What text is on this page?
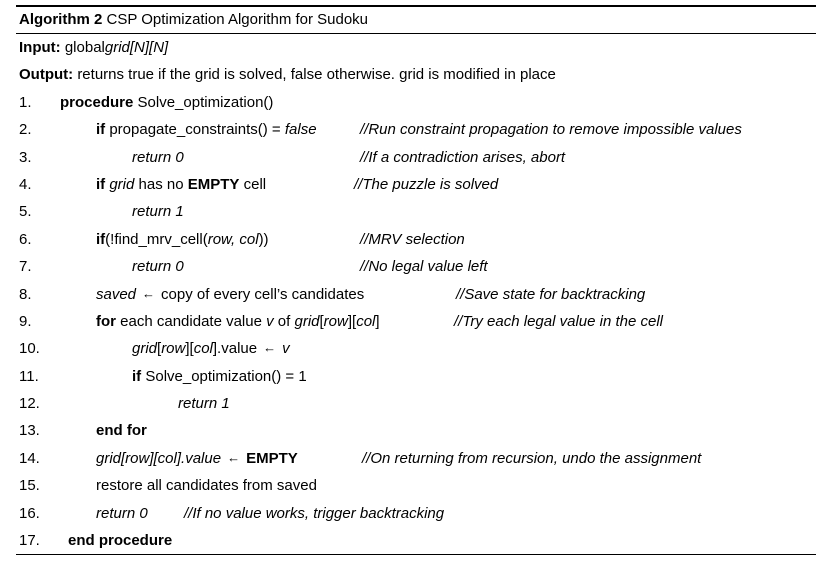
Algorithm 2 CSP Optimization Algorithm for Sudoku
Input: globalgrid[N][N]
Output: returns true if the grid is solved, false otherwise. grid is modified in place
1. procedure Solve_optimization()
2.	if propagate_constraints() = false	//Run constraint propagation to remove impossible values
3.	return 0	//If a contradiction arises, abort
4.	if grid has no EMPTY cell	//The puzzle is solved
5.	return 1
6.	if(!find_mrv_cell(row, col))	//MRV selection
7.	return 0	//No legal value left
8.	saved ← copy of every cell’s candidates	//Save state for backtracking
9.	for each candidate value v of grid[row][col]	//Try each legal value in the cell
10.	grid[row][col].value ← v
11.	if Solve_optimization() = 1
12.	return 1
13.	end for
14.	grid[row][col].value ← EMPTY	//On returning from recursion, undo the assignment
15.	restore all candidates from saved
16.	return 0 //If no value works, trigger backtracking
17. end procedure
